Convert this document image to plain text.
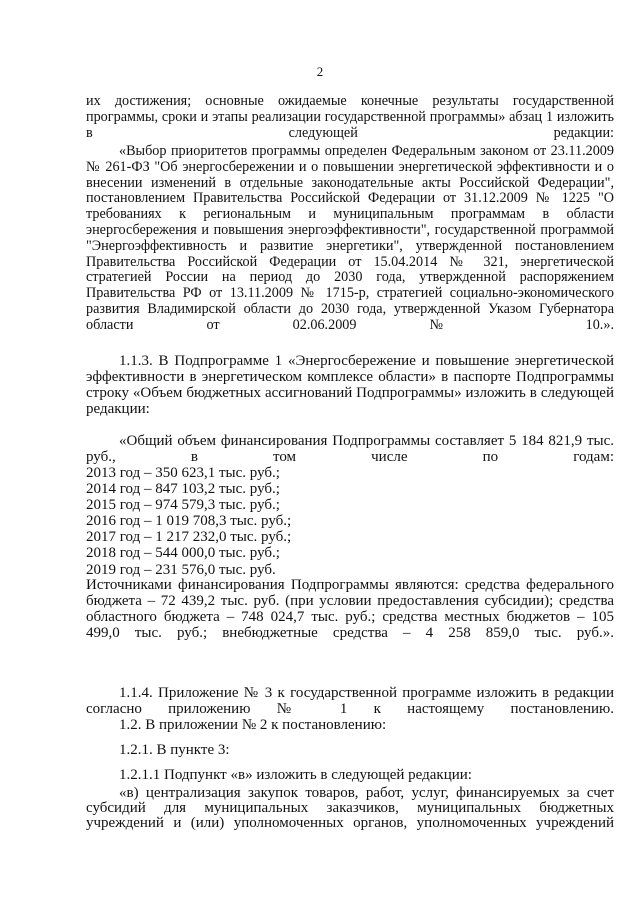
2
их достижения; основные ожидаемые конечные результаты государственной программы, сроки и этапы реализации государственной программы» абзац 1 изложить в следующей редакции:
«Выбор приоритетов программы определен Федеральным законом от 23.11.2009 № 261-ФЗ "Об энергосбережении и о повышении энергетической эффективности и о внесении изменений в отдельные законодательные акты Российской Федерации", постановлением Правительства Российской Федерации от 31.12.2009 № 1225 "О требованиях к региональным и муниципальным программам в области энергосбережения и повышения энергоэффективности", государственной программой "Энергоэффективность и развитие энергетики", утвержденной постановлением Правительства Российской Федерации от 15.04.2014 № 321, энергетической стратегией России на период до 2030 года, утвержденной распоряжением Правительства РФ от 13.11.2009 № 1715-р, стратегией социально-экономического развития Владимирской области до 2030 года, утвержденной Указом Губернатора области от 02.06.2009 № 10.».
1.1.3. В Подпрограмме 1 «Энергосбережение и повышение энергетической эффективности в энергетическом комплексе области» в паспорте Подпрограммы строку «Объем бюджетных ассигнований Подпрограммы» изложить в следующей редакции:
«Общий объем финансирования Подпрограммы составляет 5 184 821,9 тыс. руб., в том числе по годам:
2013 год – 350 623,1 тыс. руб.;
2014 год – 847 103,2 тыс. руб.;
2015 год – 974 579,3 тыс. руб.;
2016 год – 1 019 708,3 тыс. руб.;
2017 год – 1 217 232,0 тыс. руб.;
2018 год – 544 000,0 тыс. руб.;
2019 год – 231 576,0 тыс. руб.
Источниками финансирования Подпрограммы являются: средства федерального бюджета – 72 439,2 тыс. руб. (при условии предоставления субсидии); средства областного бюджета – 748 024,7 тыс. руб.; средства местных бюджетов – 105 499,0 тыс. руб.; внебюджетные средства – 4 258 859,0 тыс. руб.».
1.1.4. Приложение № 3 к государственной программе изложить в редакции согласно приложению № 1 к настоящему постановлению.
1.2. В приложении № 2 к постановлению:
1.2.1. В пункте 3:
1.2.1.1 Подпункт «в» изложить в следующей редакции:
«в) централизация закупок товаров, работ, услуг, финансируемых за счет субсидий для муниципальных заказчиков, муниципальных бюджетных учреждений и (или) уполномоченных органов, уполномоченных учреждений
